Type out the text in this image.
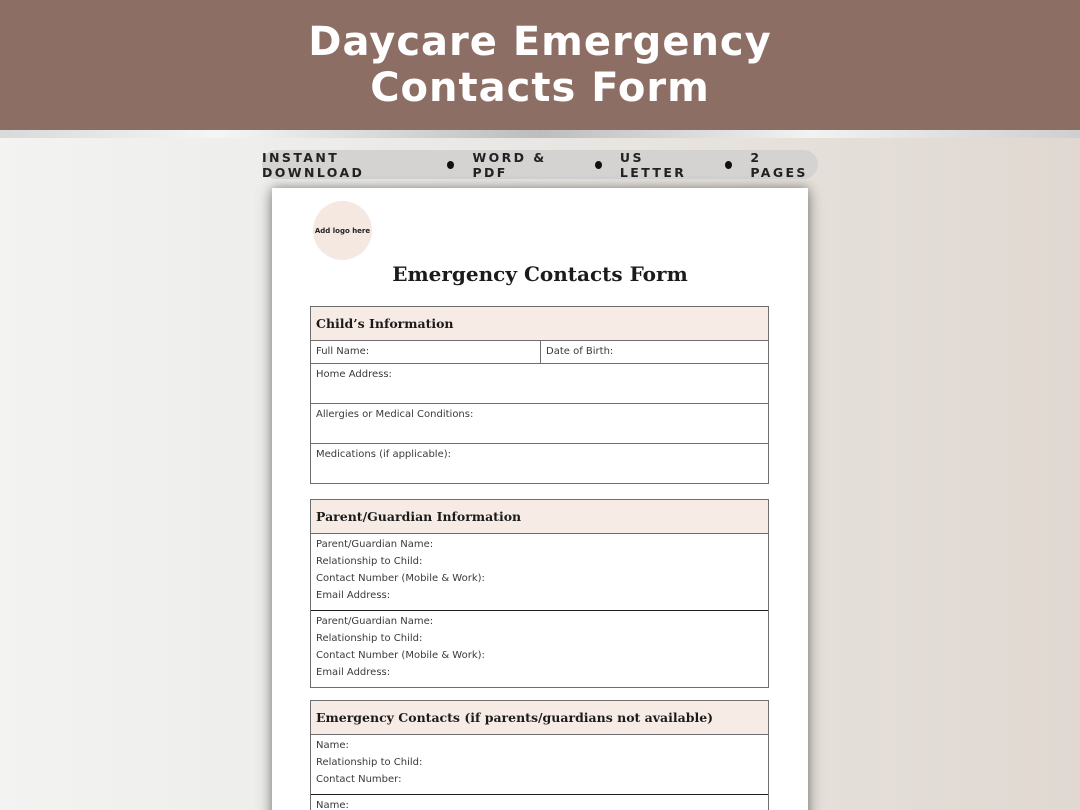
Daycare Emergency
Contacts Form
INSTANT DOWNLOAD
WORD & PDF
US LETTER
2 PAGES
Add logo here
Emergency Contacts Form
Child’s Information
Full Name:	Date of Birth:
Home Address:
Allergies or Medical Conditions:
Medications (if applicable):
Parent/Guardian Information
Parent/Guardian Name:
Relationship to Child:
Contact Number (Mobile & Work):
Email Address:
Parent/Guardian Name:
Relationship to Child:
Contact Number (Mobile & Work):
Email Address:
Emergency Contacts (if parents/guardians not available)
Name:
Relationship to Child:
Contact Number:
Name:
